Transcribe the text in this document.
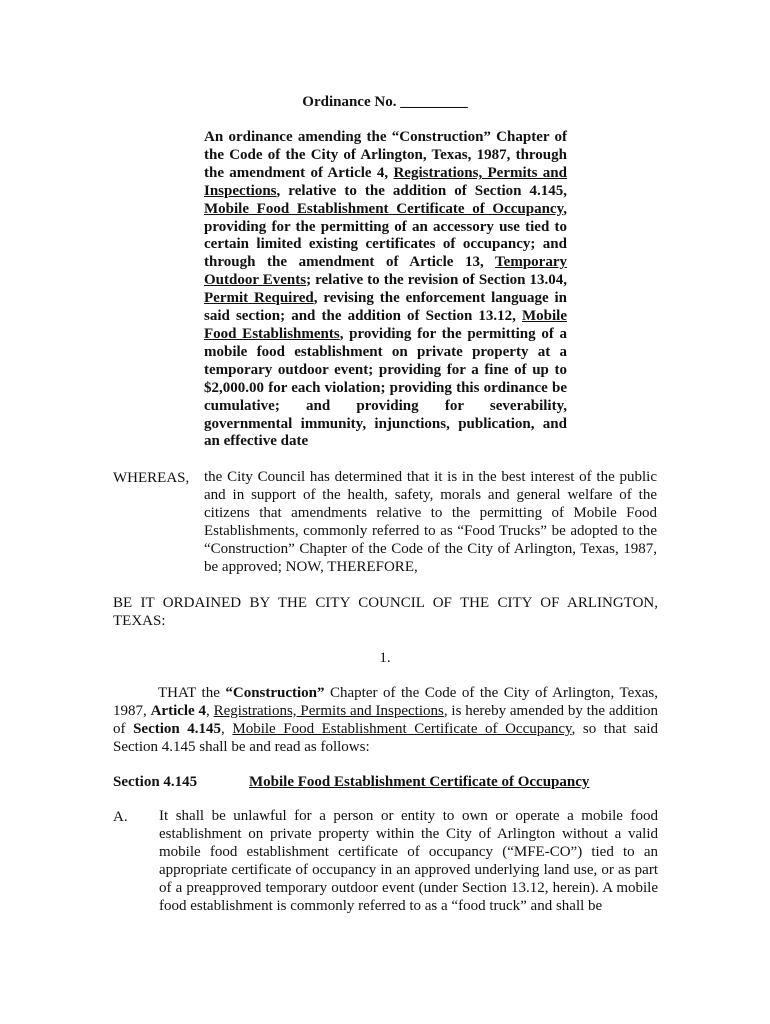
Ordinance No. _________
An ordinance amending the “Construction” Chapter of the Code of the City of Arlington, Texas, 1987, through the amendment of Article 4, Registrations, Permits and Inspections, relative to the addition of Section 4.145, Mobile Food Establishment Certificate of Occupancy, providing for the permitting of an accessory use tied to certain limited existing certificates of occupancy; and through the amendment of Article 13, Temporary Outdoor Events; relative to the revision of Section 13.04, Permit Required, revising the enforcement language in said section; and the addition of Section 13.12, Mobile Food Establishments, providing for the permitting of a mobile food establishment on private property at a temporary outdoor event; providing for a fine of up to $2,000.00 for each violation; providing this ordinance be cumulative; and providing for severability, governmental immunity, injunctions, publication, and an effective date
WHEREAS, the City Council has determined that it is in the best interest of the public and in support of the health, safety, morals and general welfare of the citizens that amendments relative to the permitting of Mobile Food Establishments, commonly referred to as “Food Trucks” be adopted to the “Construction” Chapter of the Code of the City of Arlington, Texas, 1987, be approved; NOW, THEREFORE,
BE IT ORDAINED BY THE CITY COUNCIL OF THE CITY OF ARLINGTON, TEXAS:
1.
THAT the “Construction” Chapter of the Code of the City of Arlington, Texas, 1987, Article 4, Registrations, Permits and Inspections, is hereby amended by the addition of Section 4.145, Mobile Food Establishment Certificate of Occupancy, so that said Section 4.145 shall be and read as follows:
Section 4.145	Mobile Food Establishment Certificate of Occupancy
A. It shall be unlawful for a person or entity to own or operate a mobile food establishment on private property within the City of Arlington without a valid mobile food establishment certificate of occupancy (“MFE-CO”) tied to an appropriate certificate of occupancy in an approved underlying land use, or as part of a preapproved temporary outdoor event (under Section 13.12, herein). A mobile food establishment is commonly referred to as a “food truck” and shall be
